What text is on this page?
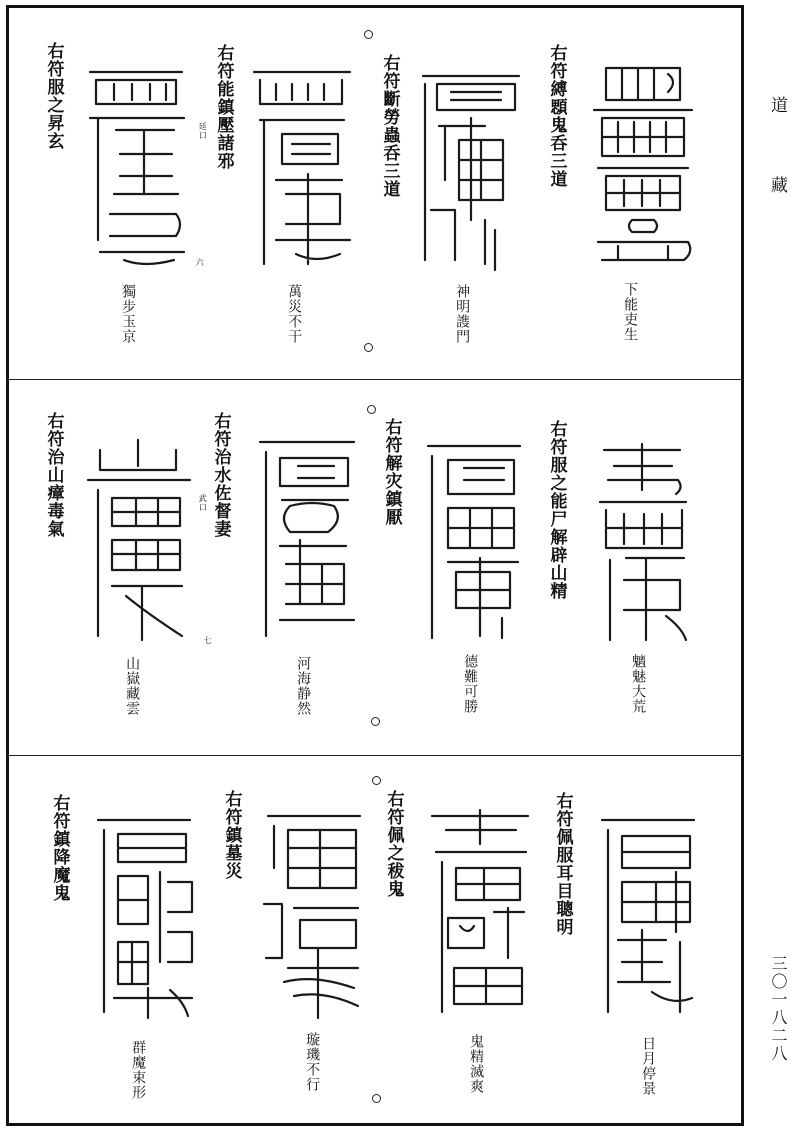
道
藏
三〇一八二八
右符縛顋鬼呑三道
下能吏生
右符斷勞蟲呑三道
神明謢門
右符能鎮壓諸邪
廷口
六
萬災不干
右符服之昇玄
獨步玉京
右符服之能尸解辟山精
魑魅大荒
右符解灾鎮厭
德難可勝
右符治水佐督妻
武口
七
河海静然
右符治山瘴毒氣
山嶽藏雲
右符佩服耳目聰明
日月停景
右符佩之秡鬼
鬼精滅爽
右符鎮墓災
璇璣不行
右符鎮降魔鬼
群魔束形
